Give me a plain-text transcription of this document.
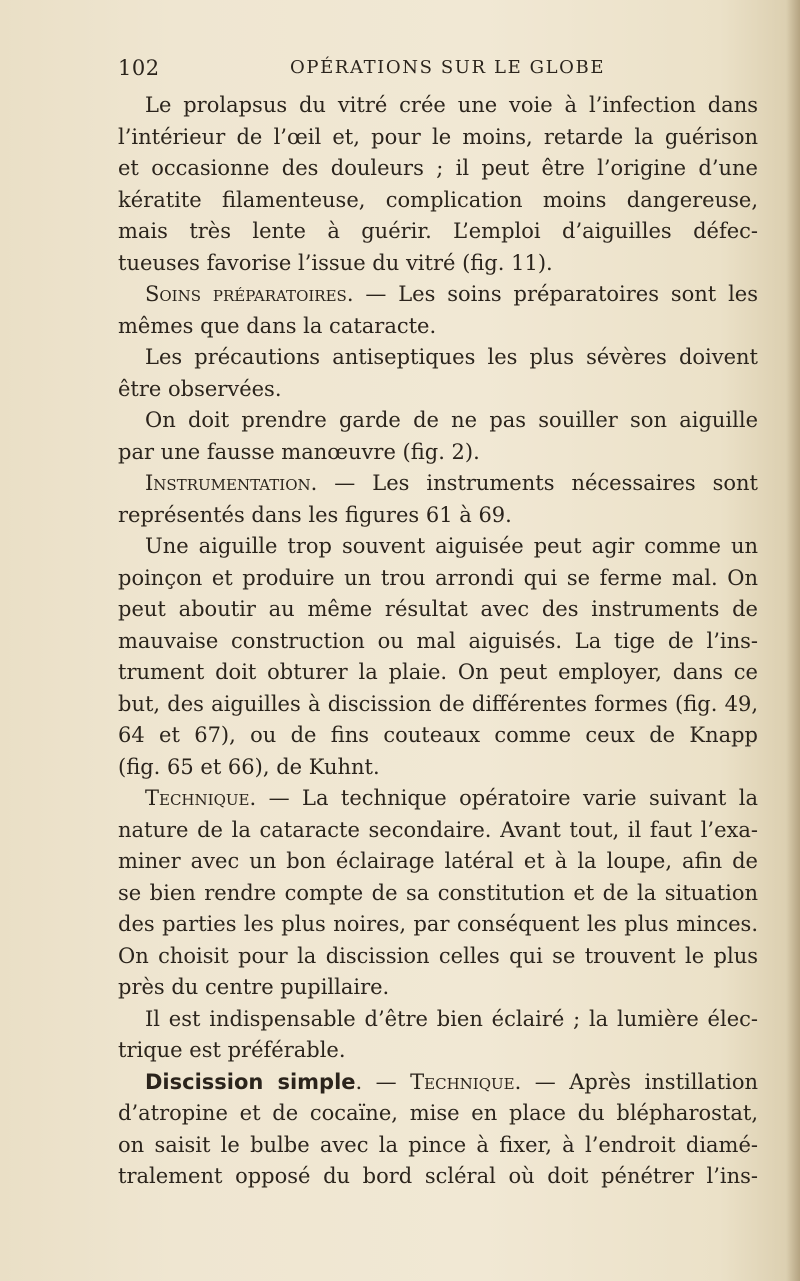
102	OPÉRATIONS SUR LE GLOBE
Le prolapsus du vitré crée une voie à l’infection dans
l’intérieur de l’œil et, pour le moins, retarde la guérison
et occasionne des douleurs ; il peut être l’origine d’une
kératite filamenteuse, complication moins dangereuse,
mais très lente à guérir. L’emploi d’aiguilles défec-
tueuses favorise l’issue du vitré (fig. 11).
Soins préparatoires. — Les soins préparatoires sont les
mêmes que dans la cataracte.
Les précautions antiseptiques les plus sévères doivent
être observées.
On doit prendre garde de ne pas souiller son aiguille
par une fausse manœuvre (fig. 2).
Instrumentation. — Les instruments nécessaires sont
représentés dans les figures 61 à 69.
Une aiguille trop souvent aiguisée peut agir comme un
poinçon et produire un trou arrondi qui se ferme mal. On
peut aboutir au même résultat avec des instruments de
mauvaise construction ou mal aiguisés. La tige de l’ins-
trument doit obturer la plaie. On peut employer, dans ce
but, des aiguilles à discission de différentes formes (fig. 49,
64 et 67), ou de fins couteaux comme ceux de Knapp
(fig. 65 et 66), de Kuhnt.
Technique. — La technique opératoire varie suivant la
nature de la cataracte secondaire. Avant tout, il faut l’exa-
miner avec un bon éclairage latéral et à la loupe, afin de
se bien rendre compte de sa constitution et de la situation
des parties les plus noires, par conséquent les plus minces.
On choisit pour la discission celles qui se trouvent le plus
près du centre pupillaire.
Il est indispensable d’être bien éclairé ; la lumière élec-
trique est préférable.
Discission simple. — Technique. — Après instillation
d’atropine et de cocaïne, mise en place du blépharostat,
on saisit le bulbe avec la pince à fixer, à l’endroit diamé-
tralement opposé du bord scléral où doit pénétrer l’ins-
